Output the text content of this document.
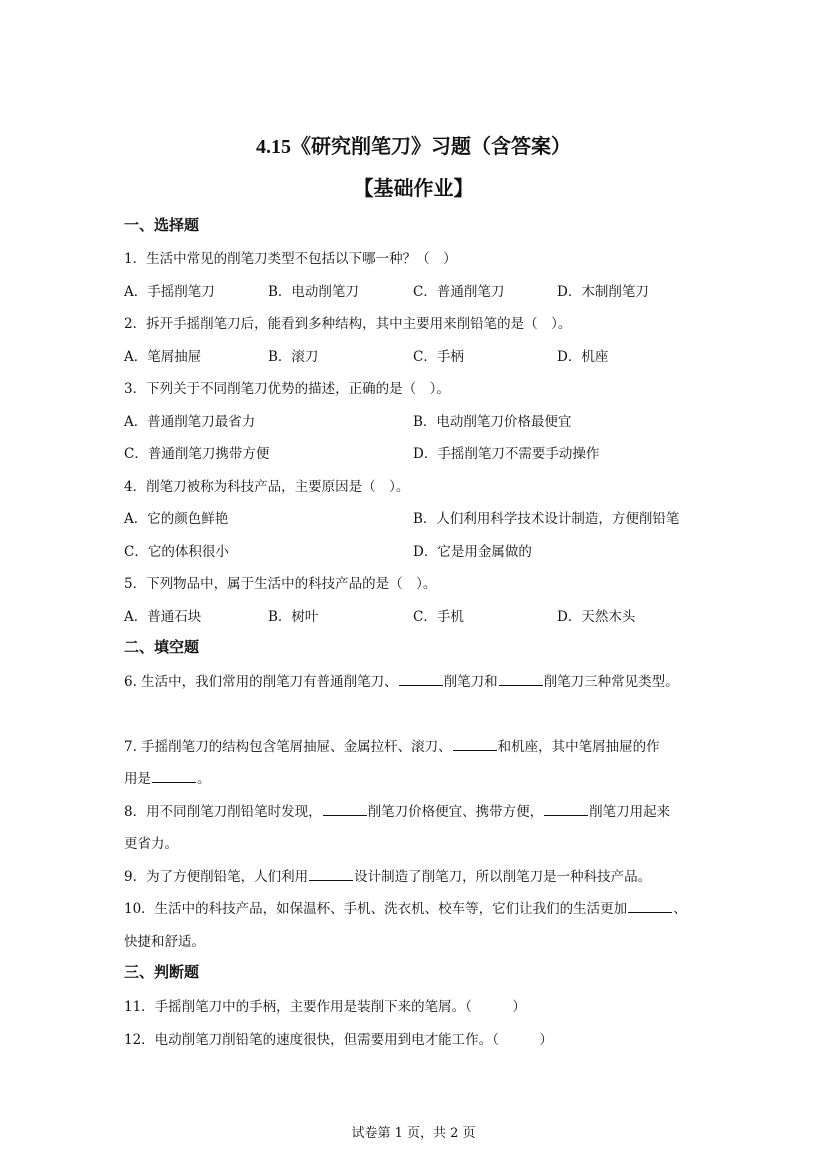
4.15《研究削笔刀》习题（含答案）
【基础作业】
一、选择题
1．生活中常见的削笔刀类型不包括以下哪一种？（　）
A．手摇削笔刀	B．电动削笔刀	C．普通削笔刀	D．木制削笔刀
2．拆开手摇削笔刀后，能看到多种结构，其中主要用来削铅笔的是（　）。
A．笔屑抽屉	B．滚刀	C．手柄	D．机座
3．下列关于不同削笔刀优势的描述，正确的是（　）。
A．普通削笔刀最省力	B．电动削笔刀价格最便宜
C．普通削笔刀携带方便	D．手摇削笔刀不需要手动操作
4．削笔刀被称为科技产品，主要原因是（　）。
A．它的颜色鲜艳	B．人们利用科学技术设计制造，方便削铅笔
C．它的体积很小	D．它是用金属做的
5．下列物品中，属于生活中的科技产品的是（　）。
A．普通石块	B．树叶	C．手机	D．天然木头
二、填空题
6. 生活中，我们常用的削笔刀有普通削笔刀、	削笔刀和	削笔刀三种常见类型。
7. 手摇削笔刀的结构包含笔屑抽屉、金属拉杆、滚刀、	和机座，其中笔屑抽屉的作
用是	。
8．用不同削笔刀削铅笔时发现，	削笔刀价格便宜、携带方便，	削笔刀用起来
更省力。
9．为了方便削铅笔，人们利用	设计制造了削笔刀，所以削笔刀是一种科技产品。
10．生活中的科技产品，如保温杯、手机、洗衣机、校车等，它们让我们的生活更加	、
快捷和舒适。
三、判断题
11．手摇削笔刀中的手柄，主要作用是装削下来的笔屑。（　　　）
12．电动削笔刀削铅笔的速度很快，但需要用到电才能工作。（　　　）
试卷第 1 页，共 2 页
